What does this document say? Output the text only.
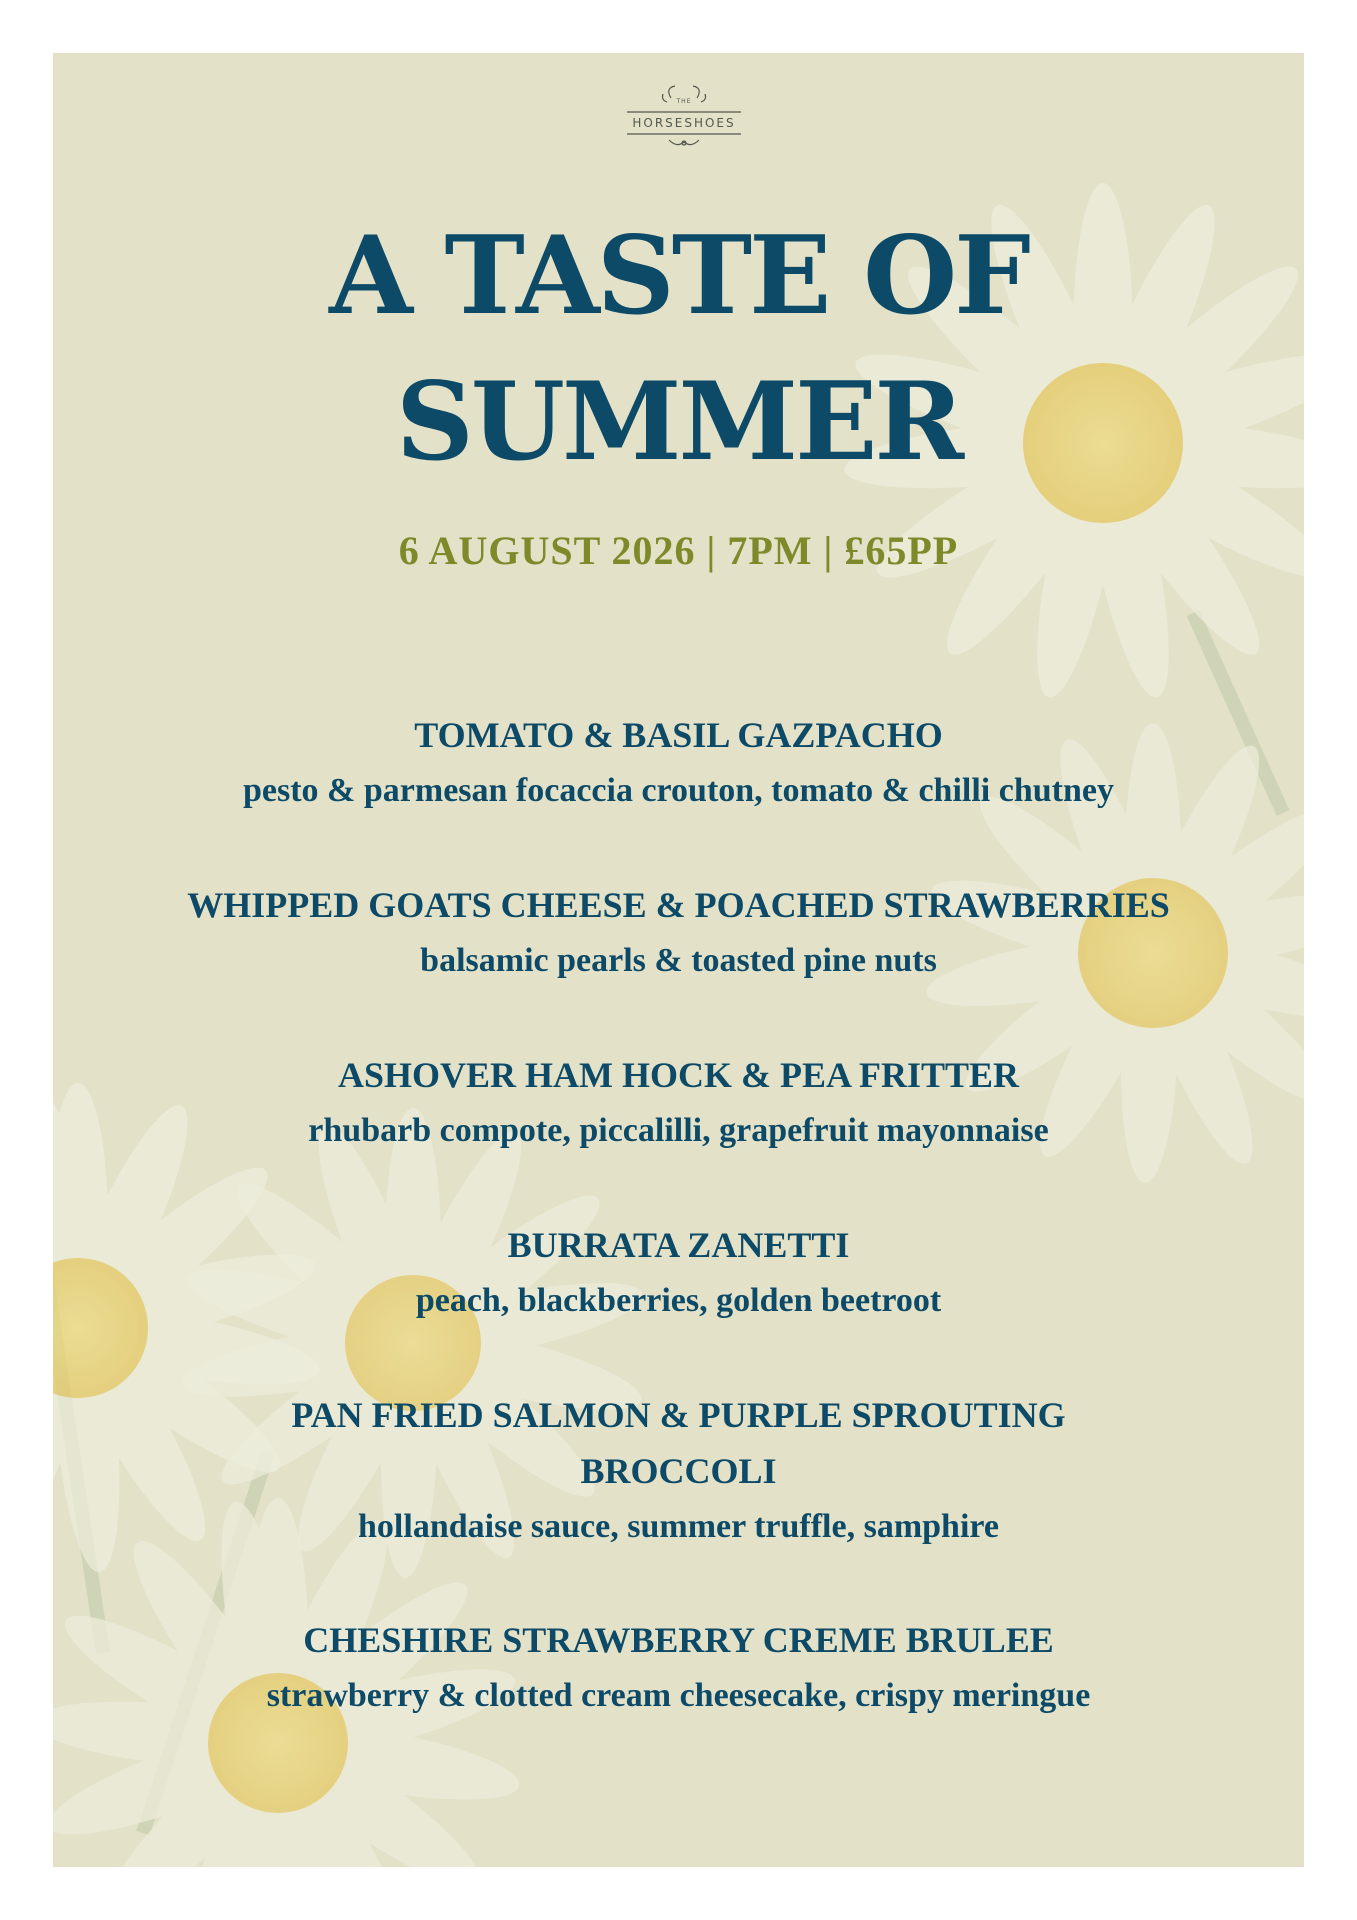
THE
HORSESHOES
A TASTE OF
SUMMER
6 AUGUST 2026 | 7PM | £65PP
TOMATO & BASIL GAZPACHO
pesto & parmesan focaccia crouton, tomato & chilli chutney
WHIPPED GOATS CHEESE & POACHED STRAWBERRIES
balsamic pearls & toasted pine nuts
ASHOVER HAM HOCK & PEA FRITTER
rhubarb compote, piccalilli, grapefruit mayonnaise
BURRATA ZANETTI
peach, blackberries, golden beetroot
PAN FRIED SALMON & PURPLE SPROUTING
BROCCOLI
hollandaise sauce, summer truffle, samphire
CHESHIRE STRAWBERRY CREME BRULEE
strawberry & clotted cream cheesecake, crispy meringue
